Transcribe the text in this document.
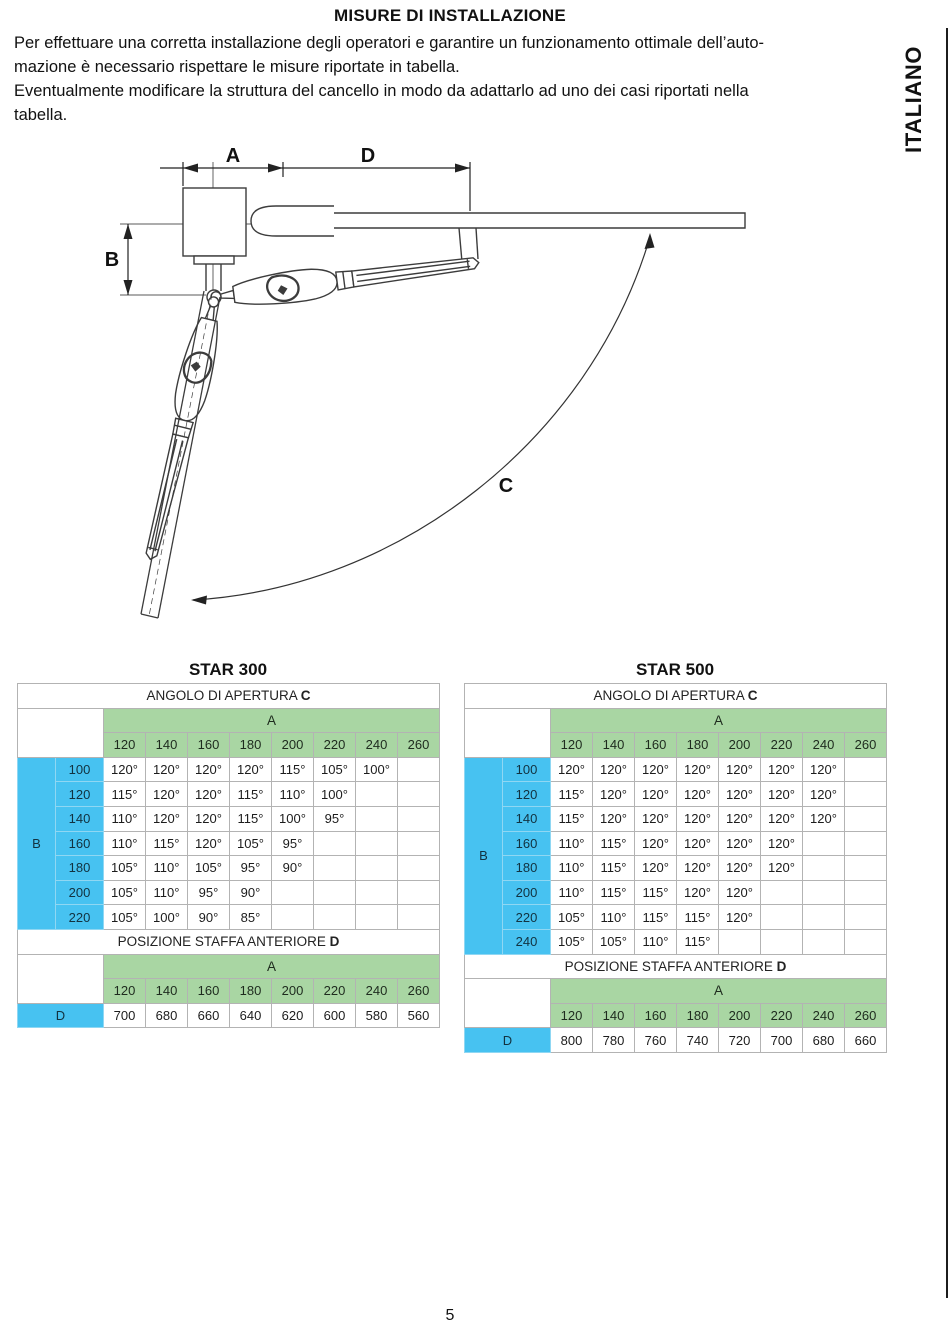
MISURE DI INSTALLAZIONE
Per effettuare una corretta installazione degli operatori e garantire un funzionamento ottimale dell’auto-
mazione è necessario rispettare le misure riportate in tabella.
Eventualmente modificare la struttura del cancello in modo da adattarlo ad uno dei casi riportati nella
tabella.	ITALIANO
A	D
B
C
STAR 300
ANGOLO DI APERTURA C									
		A							
		120	140	160	180	200	220	240	260
B	100	120°	120°	120°	120°	115°	105°	100°	
	120	115°	120°	120°	115°	110°	100°		
	140	110°	120°	120°	115°	100°	95°		
	160	110°	115°	120°	105°	95°			
	180	105°	110°	105°	95°	90°			
	200	105°	110°	95°	90°				
	220	105°	100°	90°	85°				
POSIZIONE STAFFA ANTERIORE D									
		A							
		120	140	160	180	200	220	240	260
D		700	680	660	640	620	600	580	560
STAR 500
ANGOLO DI APERTURA C									
		A							
		120	140	160	180	200	220	240	260
B	100	120°	120°	120°	120°	120°	120°	120°	
	120	115°	120°	120°	120°	120°	120°	120°	
	140	115°	120°	120°	120°	120°	120°	120°	
	160	110°	115°	120°	120°	120°	120°		
	180	110°	115°	120°	120°	120°	120°		
	200	110°	115°	115°	120°	120°			
	220	105°	110°	115°	115°	120°			
	240	105°	105°	110°	115°				
POSIZIONE STAFFA ANTERIORE D									
		A							
		120	140	160	180	200	220	240	260
D		800	780	760	740	720	700	680	660
5
